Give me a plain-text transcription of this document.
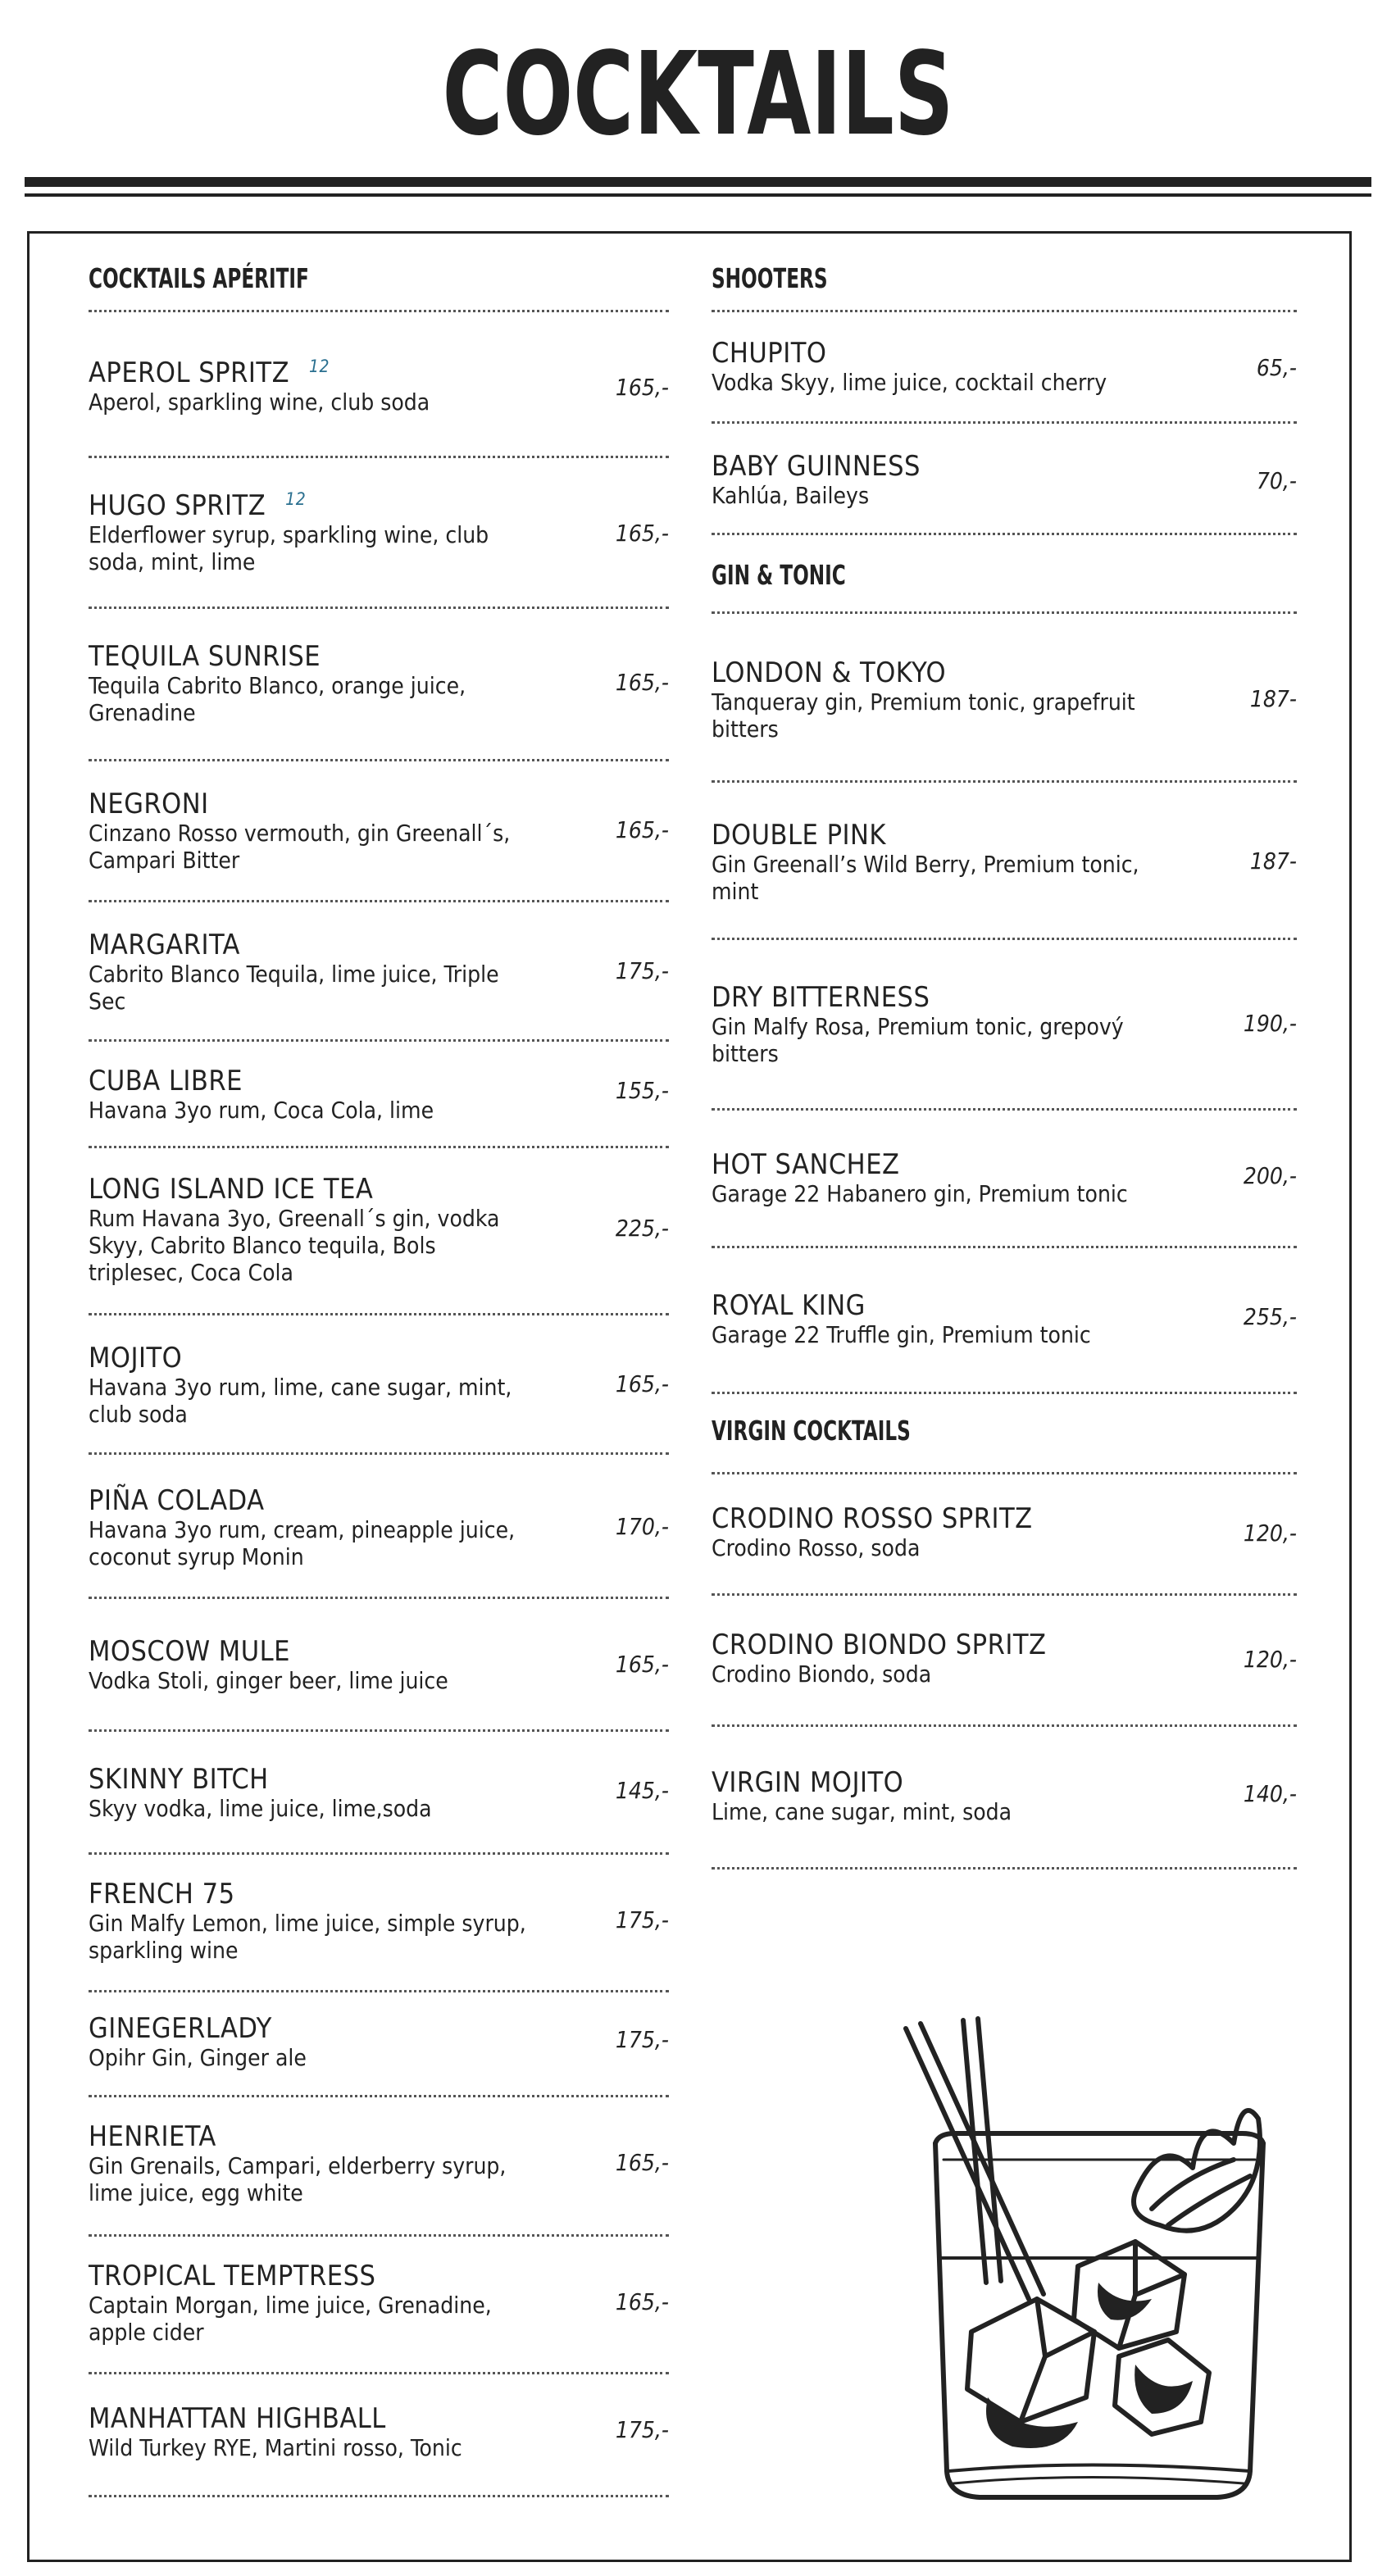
COCKTAILS
COCKTAILS APÉRITIF
APEROL SPRITZ $^{12}$
Aperol, sparkling wine, club soda
165,-
HUGO SPRITZ $^{12}$
Elderflower syrup, sparkling wine, club soda, mint, lime
165,-
TEQUILA SUNRISE
Tequila Cabrito Blanco, orange juice, Grenadine
165,-
NEGRONI
Cinzano Rosso vermouth, gin Greenall´s, Campari Bitter
165,-
MARGARITA
Cabrito Blanco Tequila, lime juice, Triple Sec
175,-
CUBA LIBRE
Havana 3yo rum, Coca Cola, lime
155,-
LONG ISLAND ICE TEA
Rum Havana 3yo, Greenall´s gin, vodka Skyy, Cabrito Blanco tequila, Bols triplesec, Coca Cola
225,-
MOJITO
Havana 3yo rum, lime, cane sugar, mint, club soda
165,-
PIÑA COLADA
Havana 3yo rum, cream, pineapple juice, coconut syrup Monin
170,-
MOSCOW MULE
Vodka Stoli, ginger beer, lime juice
165,-
SKINNY BITCH
Skyy vodka, lime juice, lime,soda
145,-
FRENCH 75
Gin Malfy Lemon, lime juice, simple syrup, sparkling wine
175,-
GINEGERLADY
Opihr Gin, Ginger ale
175,-
HENRIETA
Gin Grenails, Campari, elderberry syrup, lime juice, egg white
165,-
TROPICAL TEMPTRESS
Captain Morgan, lime juice, Grenadine, apple cider
165,-
MANHATTAN HIGHBALL
Wild Turkey RYE, Martini rosso, Tonic
175,-
SHOOTERS
CHUPITO
Vodka Skyy, lime juice, cocktail cherry
65,-
BABY GUINNESS
Kahlúa, Baileys
70,-
GIN & TONIC
LONDON & TOKYO
Tanqueray gin, Premium tonic, grapefruit bitters
187-
DOUBLE PINK
Gin Greenall’s Wild Berry, Premium tonic, mint
187-
DRY BITTERNESS
Gin Malfy Rosa, Premium tonic, grepový bitters
190,-
HOT SANCHEZ
Garage 22 Habanero gin, Premium tonic
200,-
ROYAL KING
Garage 22 Truffle gin, Premium tonic
255,-
VIRGIN COCKTAILS
CRODINO ROSSO SPRITZ
Crodino Rosso, soda
120,-
CRODINO BIONDO SPRITZ
Crodino Biondo, soda
120,-
VIRGIN MOJITO
Lime, cane sugar, mint, soda
140,-
